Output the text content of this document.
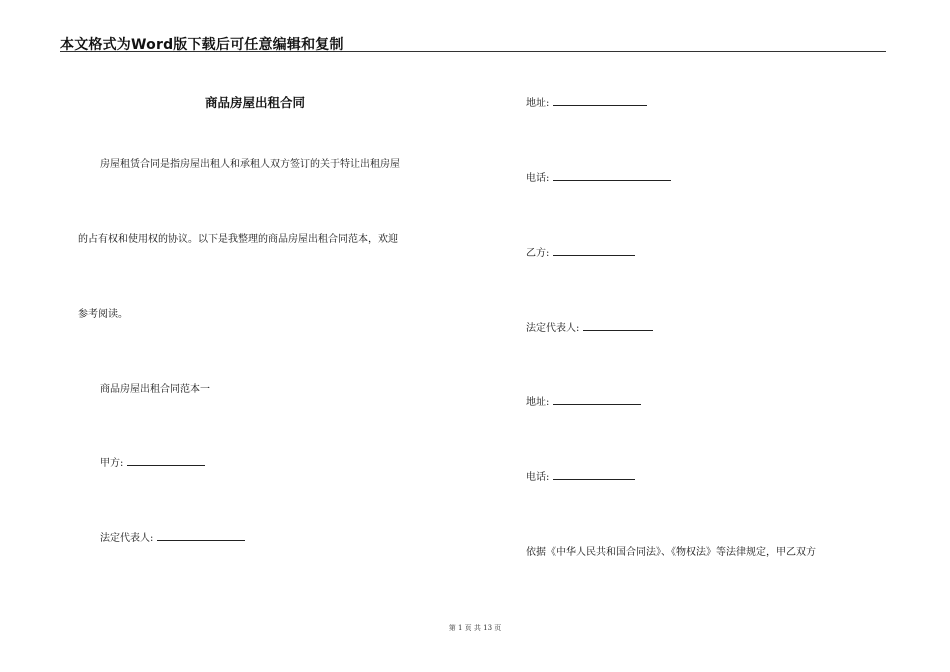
本文格式为Word版下载后可任意编辑和复制
商品房屋出租合同
房屋租赁合同是指房屋出租人和承租人双方签订的关于特让出租房屋
的占有权和使用权的协议。以下是我整理的商品房屋出租合同范本，欢迎
参考阅读。
商品房屋出租合同范本一
甲方:
法定代表人:
地址:
电话:
乙方:
法定代表人:
地址:
电话:
依据《中华人民共和国合同法》、《物权法》等法律规定，甲乙双方
第 1 页 共 13 页
